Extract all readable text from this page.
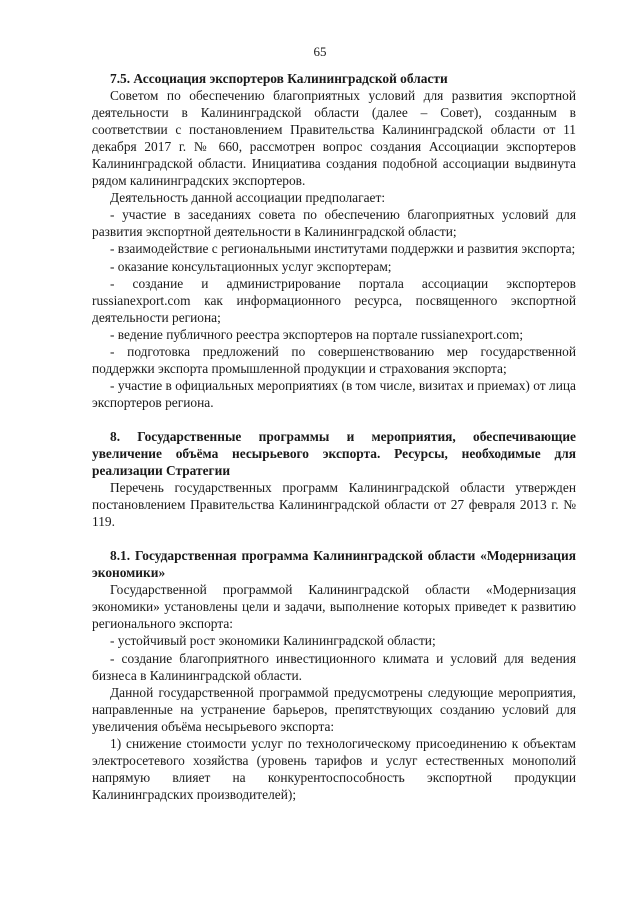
65

7.5. Ассоциация экспортеров Калининградской области

Советом по обеспечению благоприятных условий для развития экспортной деятельности в Калининградской области (далее – Совет), созданным в соответствии с постановлением Правительства Калининградской области от 11 декабря 2017 г. № 660, рассмотрен вопрос создания Ассоциации экспортеров Калининградской области. Инициатива создания подобной ассоциации выдвинута рядом калининградских экспортеров.

Деятельность данной ассоциации предполагает:

- участие в заседаниях совета по обеспечению благоприятных условий для развития экспортной деятельности в Калининградской области;

- взаимодействие с региональными институтами поддержки и развития экспорта;

- оказание консультационных услуг экспортерам;

- создание и администрирование портала ассоциации экспортеров russianexport.com как информационного ресурса, посвященного экспортной деятельности региона;

- ведение публичного реестра экспортеров на портале russianexport.com;

- подготовка предложений по совершенствованию мер государственной поддержки экспорта промышленной продукции и страхования экспорта;

- участие в официальных мероприятиях (в том числе, визитах и приемах) от лица экспортеров региона.

8. Государственные программы и мероприятия, обеспечивающие увеличение объёма несырьевого экспорта. Ресурсы, необходимые для реализации Стратегии

Перечень государственных программ Калининградской области утвержден постановлением Правительства Калининградской области от 27 февраля 2013 г. № 119.

8.1. Государственная программа Калининградской области «Модернизация экономики»

Государственной программой Калининградской области «Модернизация экономики» установлены цели и задачи, выполнение которых приведет к развитию регионального экспорта:

- устойчивый рост экономики Калининградской области;

- создание благоприятного инвестиционного климата и условий для ведения бизнеса в Калининградской области.

Данной государственной программой предусмотрены следующие мероприятия, направленные на устранение барьеров, препятствующих созданию условий для увеличения объёма несырьевого экспорта:

1) снижение стоимости услуг по технологическому присоединению к объектам электросетевого хозяйства (уровень тарифов и услуг естественных монополий напрямую влияет на конкурентоспособность экспортной продукции Калининградских производителей);
